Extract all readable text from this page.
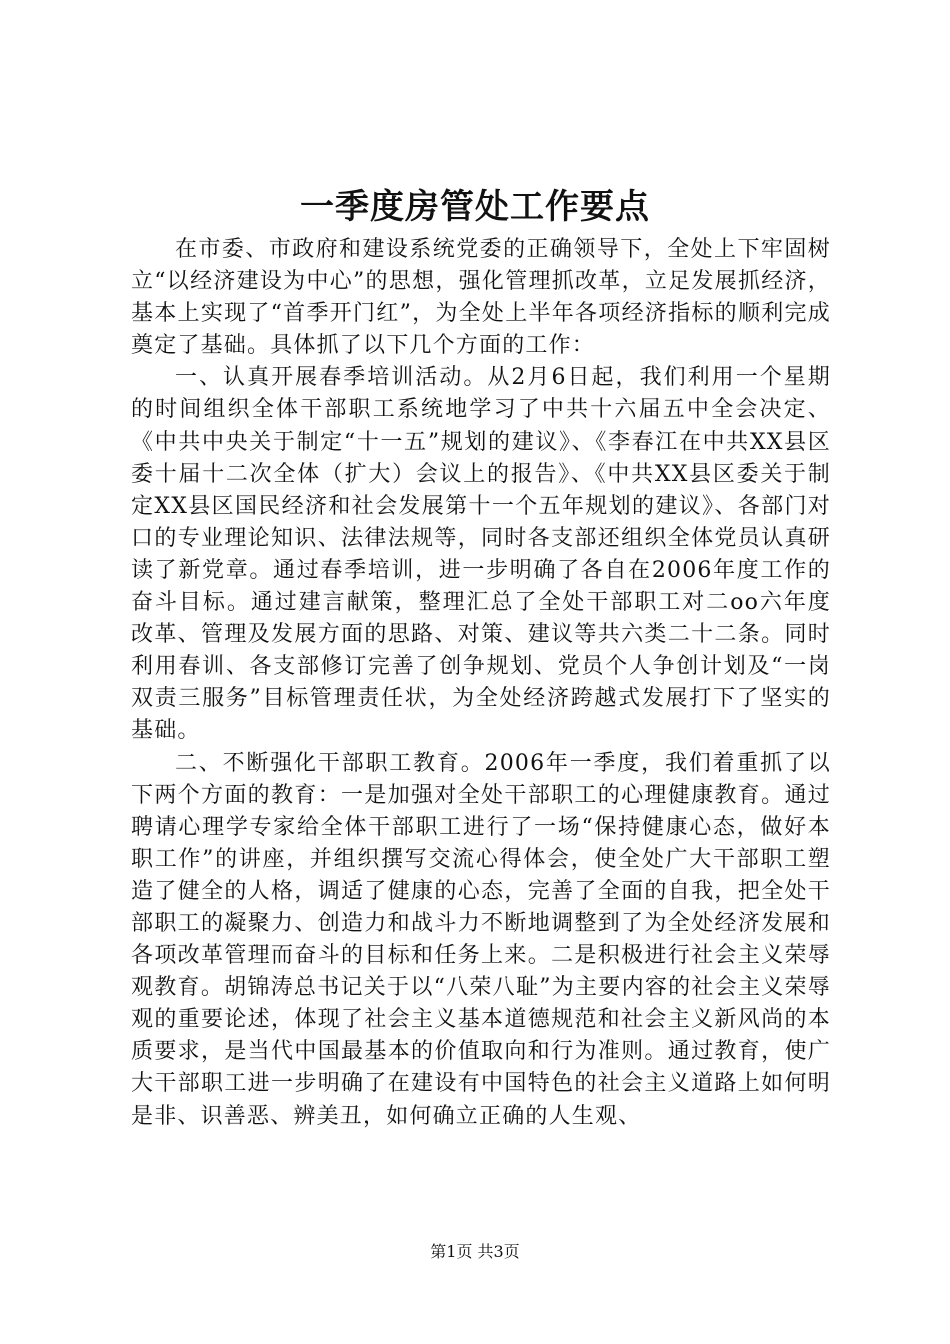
一季度房管处工作要点

在市委、市政府和建设系统党委的正确领导下，全处上下牢固树立“以经济建设为中心”的思想，强化管理抓改革，立足发展抓经济，基本上实现了“首季开门红”，为全处上半年各项经济指标的顺利完成奠定了基础。具体抓了以下几个方面的工作：

一、认真开展春季培训活动。从2月6日起，我们利用一个星期的时间组织全体干部职工系统地学习了中共十六届五中全会决定、《中共中央关于制定“十一五”规划的建议》、《李春江在中共XX县区委十届十二次全体（扩大）会议上的报告》、《中共XX县区委关于制定XX县区国民经济和社会发展第十一个五年规划的建议》、各部门对口的专业理论知识、法律法规等，同时各支部还组织全体党员认真研读了新党章。通过春季培训，进一步明确了各自在2006年度工作的奋斗目标。通过建言献策，整理汇总了全处干部职工对二oo六年度改革、管理及发展方面的思路、对策、建议等共六类二十二条。同时利用春训、各支部修订完善了创争规划、党员个人争创计划及“一岗双责三服务”目标管理责任状，为全处经济跨越式发展打下了坚实的基础。

二、不断强化干部职工教育。2006年一季度，我们着重抓了以下两个方面的教育：一是加强对全处干部职工的心理健康教育。通过聘请心理学专家给全体干部职工进行了一场“保持健康心态，做好本职工作”的讲座，并组织撰写交流心得体会，使全处广大干部职工塑造了健全的人格，调适了健康的心态，完善了全面的自我，把全处干部职工的凝聚力、创造力和战斗力不断地调整到了为全处经济发展和各项改革管理而奋斗的目标和任务上来。二是积极进行社会主义荣辱观教育。胡锦涛总书记关于以“八荣八耻”为主要内容的社会主义荣辱观的重要论述，体现了社会主义基本道德规范和社会主义新风尚的本质要求，是当代中国最基本的价值取向和行为准则。通过教育，使广大干部职工进一步明确了在建设有中国特色的社会主义道路上如何明是非、识善恶、辨美丑，如何确立正确的人生观、

第1页 共3页
